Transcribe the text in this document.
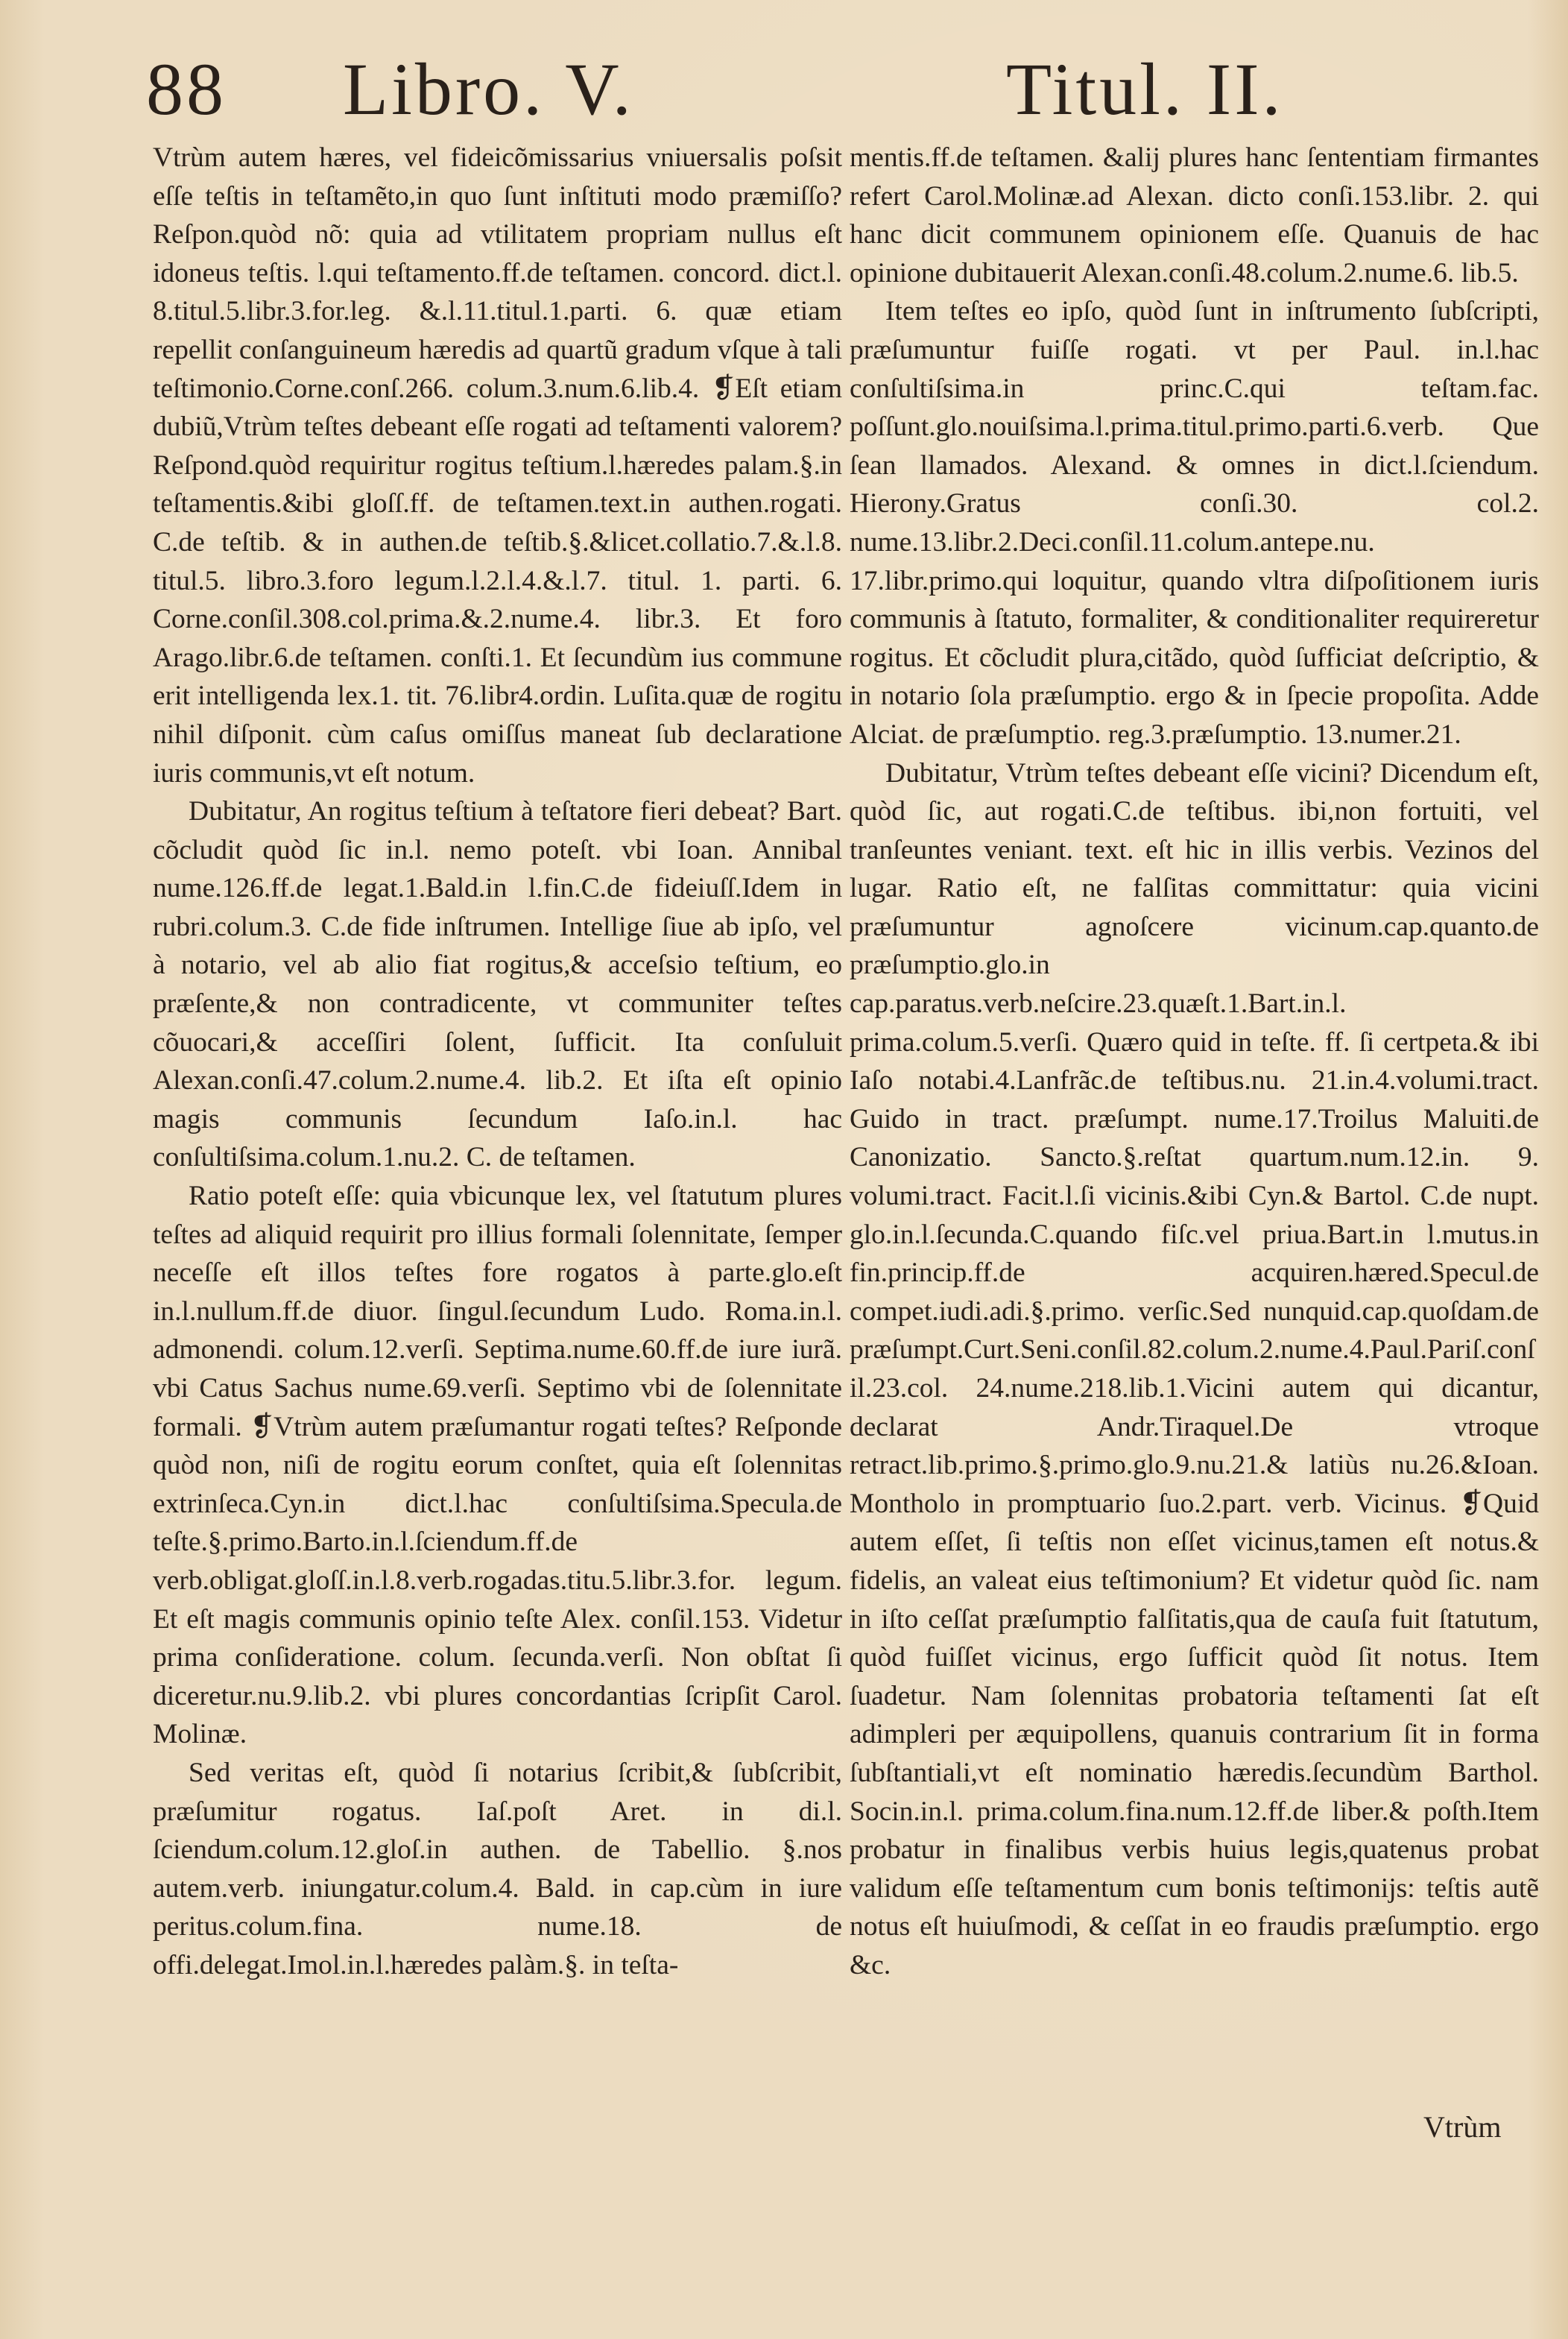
88 Libro. V.	Titul. II.

Vtrùm autem hæres, vel fideicõmissarius vniuersalis poſsit eſſe teſtis in teſtamẽto,in quo ſunt inſtituti modo præmiſſo? Reſpon.quòd nõ: quia ad vtilitatem propriam nullus eſt idoneus teſtis. l.qui teſtamento.ff.de teſtamen. concord. dict.l. 8.titul.5.libr.3.for.leg. &.l.11.titul.1.parti. 6. quæ etiam repellit conſanguineum hæredis ad quartũ gradum vſque à tali teſtimonio.Corne.conſ.266. colum.3.num.6.lib.4. ❡Eſt etiam dubiũ,Vtrùm teſtes debeant eſſe rogati ad teſtamenti valorem? Reſpond.quòd requiritur rogitus teſtium.l.hæredes palam.§.in teſtamentis.&ibi gloſſ.ff. de teſtamen.text.in authen.rogati. C.de teſtib. & in authen.de teſtib.§.&licet.collatio.7.&.l.8. titul.5. libro.3.foro legum.l.2.l.4.&.l.7. titul. 1. parti. 6. Corne.conſil.308.col.prima.&.2.nume.4. libr.3. Et foro Arago.libr.6.de teſtamen. conſti.1. Et ſecundùm ius commune erit intelligenda lex.1. tit. 76.libr4.ordin. Luſita.quæ de rogitu nihil diſponit. cùm caſus omiſſus maneat ſub declaratione iuris communis,vt eſt notum.

Dubitatur, An rogitus teſtium à teſtatore fieri debeat? Bart. cõcludit quòd ſic in.l. nemo poteſt. vbi Ioan. Annibal nume.126.ff.de legat.1.Bald.in l.fin.C.de fideiuſſ.Idem in rubri.colum.3. C.de fide inſtrumen. Intellige ſiue ab ipſo, vel à notario, vel ab alio fiat rogitus,& acceſsio teſtium, eo præſente,& non contradicente, vt communiter teſtes cõuocari,& acceſſiri ſolent, ſufficit. Ita conſuluit Alexan.conſi.47.colum.2.nume.4. lib.2. Et iſta eſt opinio magis communis ſecundum Iaſo.in.l. hac conſultiſsima.colum.1.nu.2. C. de teſtamen.

Ratio poteſt eſſe: quia vbicunque lex, vel ſtatutum plures teſtes ad aliquid requirit pro illius formali ſolennitate, ſemper neceſſe eſt illos teſtes fore rogatos à parte.glo.eſt in.l.nullum.ff.de diuor. ſingul.ſecundum Ludo. Roma.in.l. admonendi. colum.12.verſi. Septima.nume.60.ff.de iure iurã. vbi Catus Sachus nume.69.verſi. Septimo vbi de ſolennitate formali. ❡Vtrùm autem præſumantur rogati teſtes? Reſponde quòd non, niſi de rogitu eorum conſtet, quia eſt ſolennitas extrinſeca.Cyn.in dict.l.hac conſultiſsima.Specula.de teſte.§.primo.Barto.in.l.ſciendum.ff.de verb.obligat.gloſſ.in.l.8.verb.rogadas.titu.5.libr.3.for. legum. Et eſt magis communis opinio teſte Alex. conſil.153. Videtur prima conſideratione. colum. ſecunda.verſi. Non obſtat ſi diceretur.nu.9.lib.2. vbi plures concordantias ſcripſit Carol. Molinæ.

Sed veritas eſt, quòd ſi notarius ſcribit,& ſubſcribit, præſumitur rogatus. Iaſ.poſt Aret. in di.l. ſciendum.colum.12.gloſ.in authen. de Tabellio. §.nos autem.verb. iniungatur.colum.4. Bald. in cap.cùm in iure peritus.colum.fina. nume.18. de offi.delegat.Imol.in.l.hæredes palàm.§. in teſta-

mentis.ff.de teſtamen. &alij plures hanc ſententiam firmantes refert Carol.Molinæ.ad Alexan. dicto conſi.153.libr. 2. qui hanc dicit communem opinionem eſſe. Quanuis de hac opinione dubitauerit Alexan.conſi.48.colum.2.nume.6. lib.5.

Item teſtes eo ipſo, quòd ſunt in inſtrumento ſubſcripti, præſumuntur fuiſſe rogati. vt per Paul. in.l.hac conſultiſsima.in princ.C.qui teſtam.fac. poſſunt.glo.nouiſsima.l.prima.titul.primo.parti.6.verb. Que ſean llamados. Alexand. & omnes in dict.l.ſciendum. Hierony.Gratus conſi.30. col.2. nume.13.libr.2.Deci.conſil.11.colum.antepe.nu. 17.libr.primo.qui loquitur, quando vltra diſpoſitionem iuris communis à ſtatuto, formaliter, & conditionaliter requireretur rogitus. Et cõcludit plura,citãdo, quòd ſufficiat deſcriptio, & in notario ſola præſumptio. ergo & in ſpecie propoſita. Adde Alciat. de præſumptio. reg.3.præſumptio. 13.numer.21.

Dubitatur, Vtrùm teſtes debeant eſſe vicini? Dicendum eſt, quòd ſic, aut rogati.C.de teſtibus. ibi,non fortuiti, vel tranſeuntes veniant. text. eſt hic in illis verbis. Vezinos del lugar. Ratio eſt, ne falſitas committatur: quia vicini præſumuntur agnoſcere vicinum.cap.quanto.de præſumptio.glo.in cap.paratus.verb.neſcire.23.quæſt.1.Bart.in.l. prima.colum.5.verſi. Quæro quid in teſte. ff. ſi certpeta.& ibi Iaſo notabi.4.Lanfrãc.de teſtibus.nu. 21.in.4.volumi.tract. Guido in tract. præſumpt. nume.17.Troilus Maluiti.de Canonizatio. Sancto.§.reſtat quartum.num.12.in. 9. volumi.tract. Facit.l.ſi vicinis.&ibi Cyn.& Bartol. C.de nupt. glo.in.l.ſecunda.C.quando fiſc.vel priua.Bart.in l.mutus.in fin.princip.ff.de acquiren.hæred.Specul.de compet.iudi.adi.§.primo. verſic.Sed nunquid.cap.quoſdam.de præſumpt.Curt.Seni.conſil.82.colum.2.nume.4.Paul.Pariſ.conſil.23.col. 24.nume.218.lib.1.Vicini autem qui dicantur, declarat Andr.Tiraquel.De vtroque retract.lib.primo.§.primo.glo.9.nu.21.& latiùs nu.26.&Ioan. Montholo in promptuario ſuo.2.part. verb. Vicinus. ❡Quid autem eſſet, ſi teſtis non eſſet vicinus,tamen eſt notus.& fidelis, an valeat eius teſtimonium? Et videtur quòd ſic. nam in iſto ceſſat præſumptio falſitatis,qua de cauſa fuit ſtatutum, quòd fuiſſet vicinus, ergo ſufficit quòd ſit notus. Item ſuadetur. Nam ſolennitas probatoria teſtamenti ſat eſt adimpleri per æquipollens, quanuis contrarium ſit in forma ſubſtantiali,vt eſt nominatio hæredis.ſecundùm Barthol. Socin.in.l. prima.colum.fina.num.12.ff.de liber.& poſth.Item probatur in finalibus verbis huius legis,quatenus probat validum eſſe teſtamentum cum bonis teſtimonijs: teſtis autẽ notus eſt huiuſmodi, & ceſſat in eo fraudis præſumptio. ergo &c.

Vtrùm
